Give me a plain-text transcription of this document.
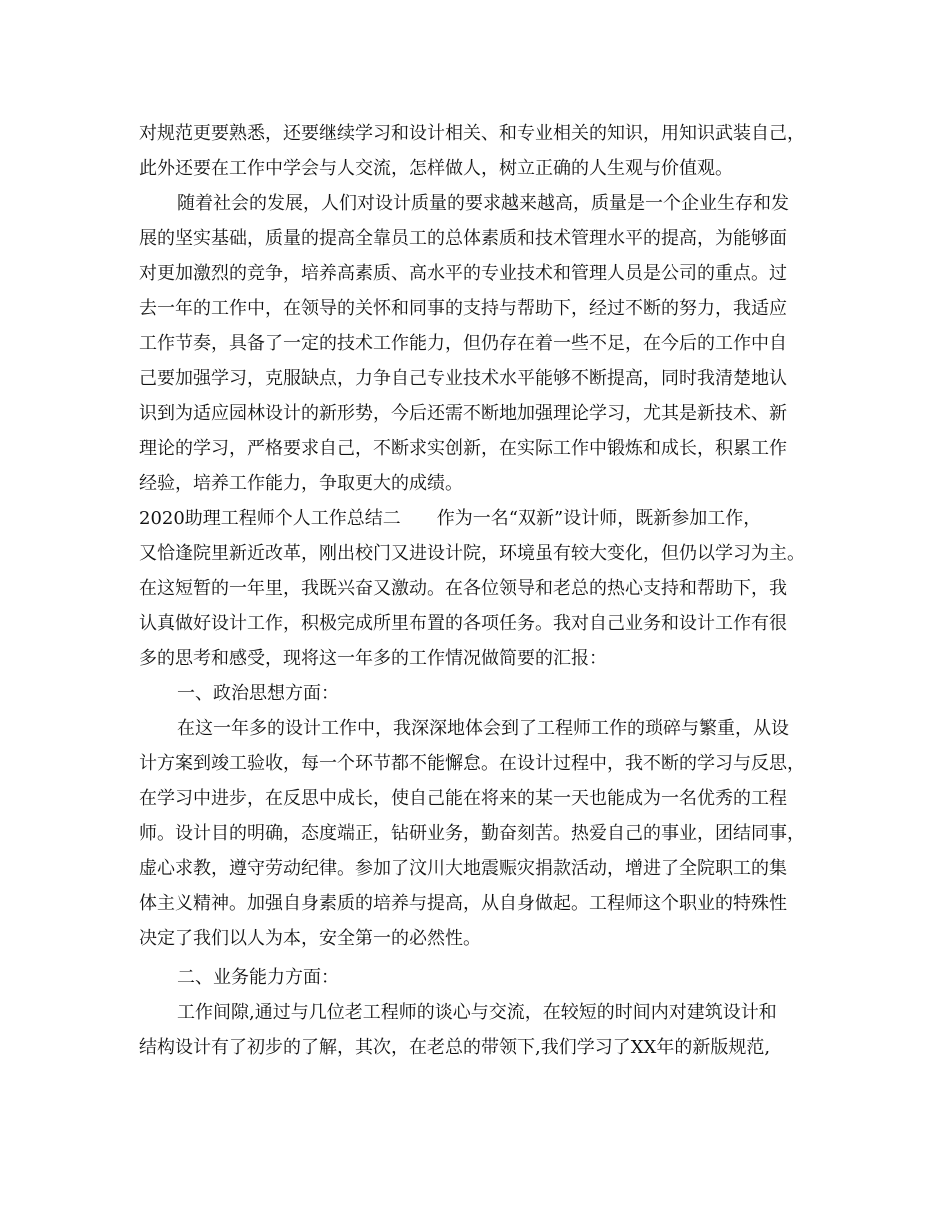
对规范更要熟悉，还要继续学习和设计相关、和专业相关的知识，用知识武装自己，
此外还要在工作中学会与人交流，怎样做人，树立正确的人生观与价值观。
随着社会的发展，人们对设计质量的要求越来越高，质量是一个企业生存和发
展的坚实基础，质量的提高全靠员工的总体素质和技术管理水平的提高，为能够面
对更加激烈的竞争，培养高素质、高水平的专业技术和管理人员是公司的重点。过
去一年的工作中，在领导的关怀和同事的支持与帮助下，经过不断的努力，我适应
工作节奏，具备了一定的技术工作能力，但仍存在着一些不足，在今后的工作中自
己要加强学习，克服缺点，力争自己专业技术水平能够不断提高，同时我清楚地认
识到为适应园林设计的新形势，今后还需不断地加强理论学习，尤其是新技术、新
理论的学习，严格要求自己，不断求实创新，在实际工作中锻炼和成长，积累工作
经验，培养工作能力，争取更大的成绩。
2020助理工程师个人工作总结二　　作为一名“双新”设计师，既新参加工作，
又恰逢院里新近改革，刚出校门又进设计院，环境虽有较大变化，但仍以学习为主。
在这短暂的一年里，我既兴奋又激动。在各位领导和老总的热心支持和帮助下，我
认真做好设计工作，积极完成所里布置的各项任务。我对自己业务和设计工作有很
多的思考和感受，现将这一年多的工作情况做简要的汇报：
一、政治思想方面：
在这一年多的设计工作中，我深深地体会到了工程师工作的琐碎与繁重，从设
计方案到竣工验收，每一个环节都不能懈怠。在设计过程中，我不断的学习与反思，
在学习中进步，在反思中成长，使自己能在将来的某一天也能成为一名优秀的工程
师。设计目的明确，态度端正，钻研业务，勤奋刻苦。热爱自己的事业，团结同事，
虚心求教，遵守劳动纪律。参加了汶川大地震赈灾捐款活动，增进了全院职工的集
体主义精神。加强自身素质的培养与提高，从自身做起。工程师这个职业的特殊性
决定了我们以人为本，安全第一的必然性。
二、业务能力方面：
工作间隙,通过与几位老工程师的谈心与交流，在较短的时间内对建筑设计和
结构设计有了初步的了解，其次，在老总的带领下,我们学习了XX年的新版规范,
